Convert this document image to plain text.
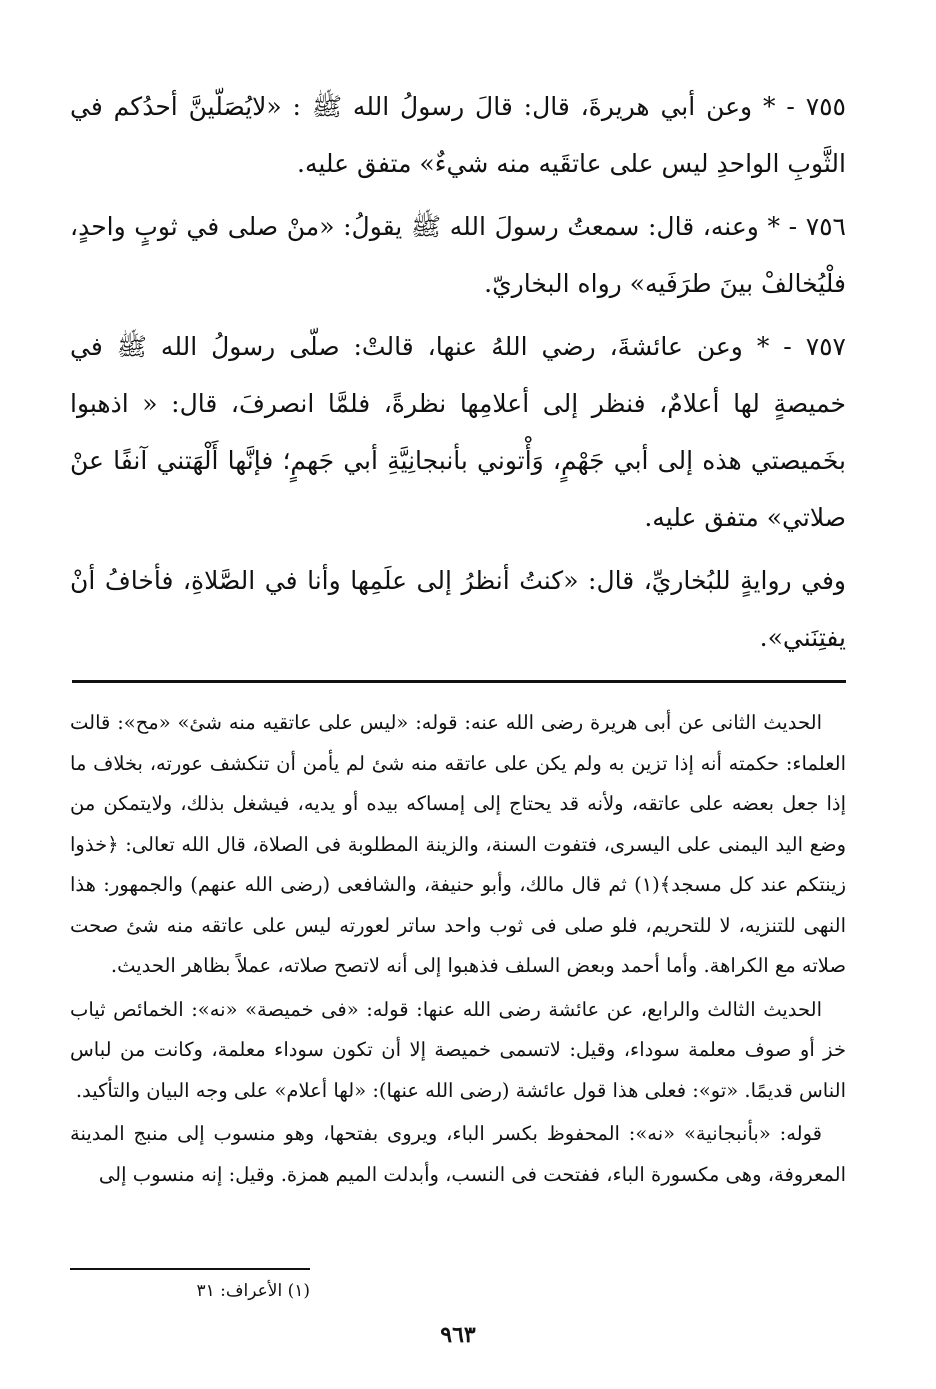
٧٥٥ - * وعن أبي هريرةَ، قال: قالَ رسولُ الله ﷺ : «لايُصَلّينَّ أحدُكم في الثَّوبِ الواحدِ ليس على عاتقَيه منه شيءٌ» متفق عليه.

٧٥٦ - * وعنه، قال: سمعتُ رسولَ الله ﷺ يقولُ: «منْ صلى في ثوبٍ واحدٍ، فلْيُخالفْ بينَ طرَفَيه» رواه البخاريّ.

٧٥٧ - * وعن عائشةَ، رضي اللهُ عنها، قالتْ: صلّى رسولُ الله ﷺ في خميصةٍ لها أعلامٌ، فنظر إلى أعلامِها نظرةً، فلمَّا انصرفَ، قال: « اذهبوا بخَميصتي هذه إلى أبي جَهْمٍ، وَأْتوني بأنبجانِيَّةِ أبي جَهمٍ؛ فإنَّها أَلْهَتني آنفًا عنْ صلاتي» متفق عليه.

وفي روايةٍ للبُخاريِّ، قال: «كنتُ أنظرُ إلى علَمِها وأنا في الصَّلاةِ، فأخافُ أنْ يفتِنَني».

الحديث الثانى عن أبى هريرة رضى الله عنه: قوله: «ليس على عاتقيه منه شئ» «مح»: قالت العلماء: حكمته أنه إذا تزين به ولم يكن على عاتقه منه شئ لم يأمن أن تنكشف عورته، بخلاف ما إذا جعل بعضه على عاتقه، ولأنه قد يحتاج إلى إمساكه بيده أو يديه، فيشغل بذلك، ولايتمكن من وضع اليد اليمنى على اليسرى، فتفوت السنة، والزينة المطلوبة فى الصلاة، قال الله تعالى: ﴿خذوا زينتكم عند كل مسجد﴾(١) ثم قال مالك، وأبو حنيفة، والشافعى (رضى الله عنهم) والجمهور: هذا النهى للتنزيه، لا للتحريم، فلو صلى فى ثوب واحد ساتر لعورته ليس على عاتقه منه شئ صحت صلاته مع الكراهة. وأما أحمد وبعض السلف فذهبوا إلى أنه لاتصح صلاته، عملاً بظاهر الحديث.

الحديث الثالث والرابع، عن عائشة رضى الله عنها: قوله: «فى خميصة» «نه»: الخمائص ثياب خز أو صوف معلمة سوداء، وقيل: لاتسمى خميصة إلا أن تكون سوداء معلمة، وكانت من لباس الناس قديمًا. «تو»: فعلى هذا قول عائشة (رضى الله عنها): «لها أعلام» على وجه البيان والتأكيد.

قوله: «بأنبجانية» «نه»: المحفوظ بكسر الباء، ويروى بفتحها، وهو منسوب إلى منبج المدينة المعروفة، وهى مكسورة الباء، ففتحت فى النسب، وأبدلت الميم همزة. وقيل: إنه منسوب إلى

(١) الأعراف: ٣١
٩٦٣
